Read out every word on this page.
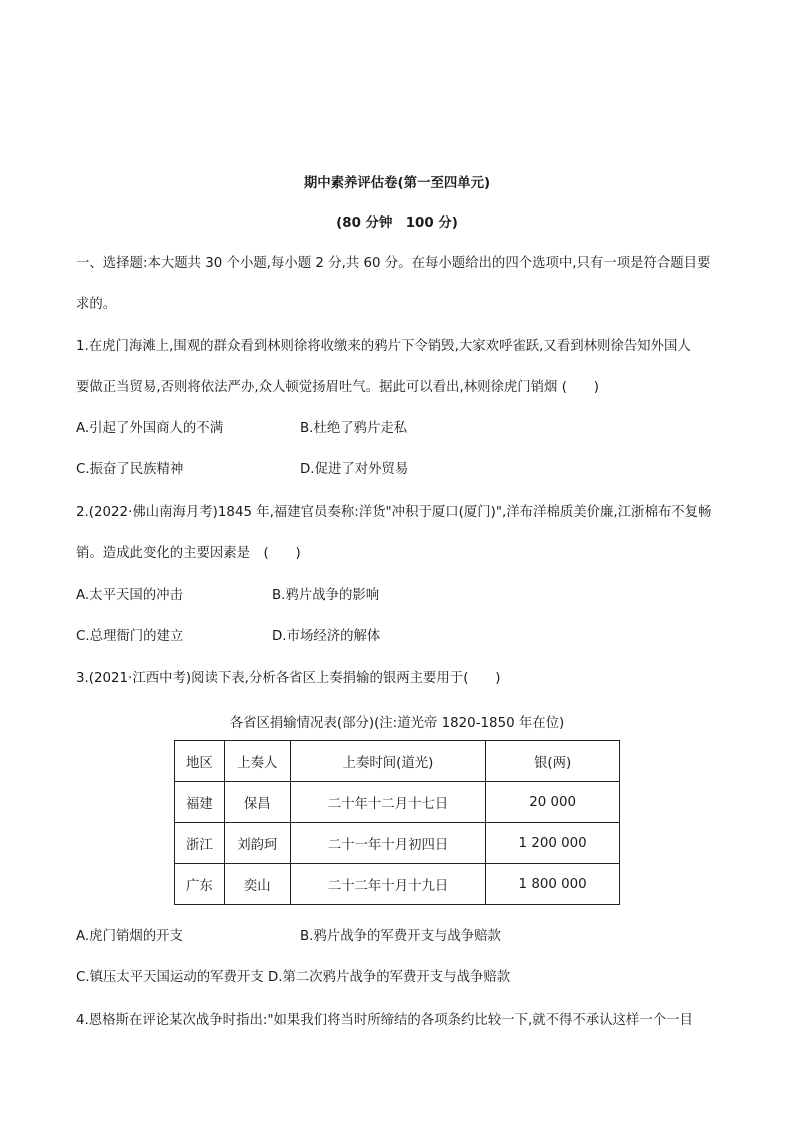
期中素养评估卷(第一至四单元)
(80 分钟　100 分)
一、选择题:本大题共 30 个小题,每小题 2 分,共 60 分。在每小题给出的四个选项中,只有一项是符合题目要
求的。
1.在虎门海滩上,围观的群众看到林则徐将收缴来的鸦片下令销毁,大家欢呼雀跃,又看到林则徐告知外国人
要做正当贸易,否则将依法严办,众人顿觉扬眉吐气。据此可以看出,林则徐虎门销烟 (　　)
A.引起了外国商人的不满	B.杜绝了鸦片走私
C.振奋了民族精神	D.促进了对外贸易
2.(2022·佛山南海月考)1845 年,福建官员奏称:洋货"冲积于厦口(厦门)",洋布洋棉质美价廉,江浙棉布不复畅
销。造成此变化的主要因素是　(　　)
A.太平天国的冲击	B.鸦片战争的影响
C.总理衙门的建立	D.市场经济的解体
3.(2021·江西中考)阅读下表,分析各省区上奏捐输的银两主要用于(　　)
各省区捐输情况表(部分)(注:道光帝 1820-1850 年在位)
地区	上奏人	上奏时间(道光)	银(两)
福建	保昌	二十年十二月十七日	20 000
浙江	刘韵珂	二十一年十月初四日	1 200 000
广东	奕山	二十二年十月十九日	1 800 000
A.虎门销烟的开支	B.鸦片战争的军费开支与战争赔款
C.镇压太平天国运动的军费开支 D.第二次鸦片战争的军费开支与战争赔款
4.恩格斯在评论某次战争时指出:"如果我们将当时所缔结的各项条约比较一下,就不得不承认这样一个一目
